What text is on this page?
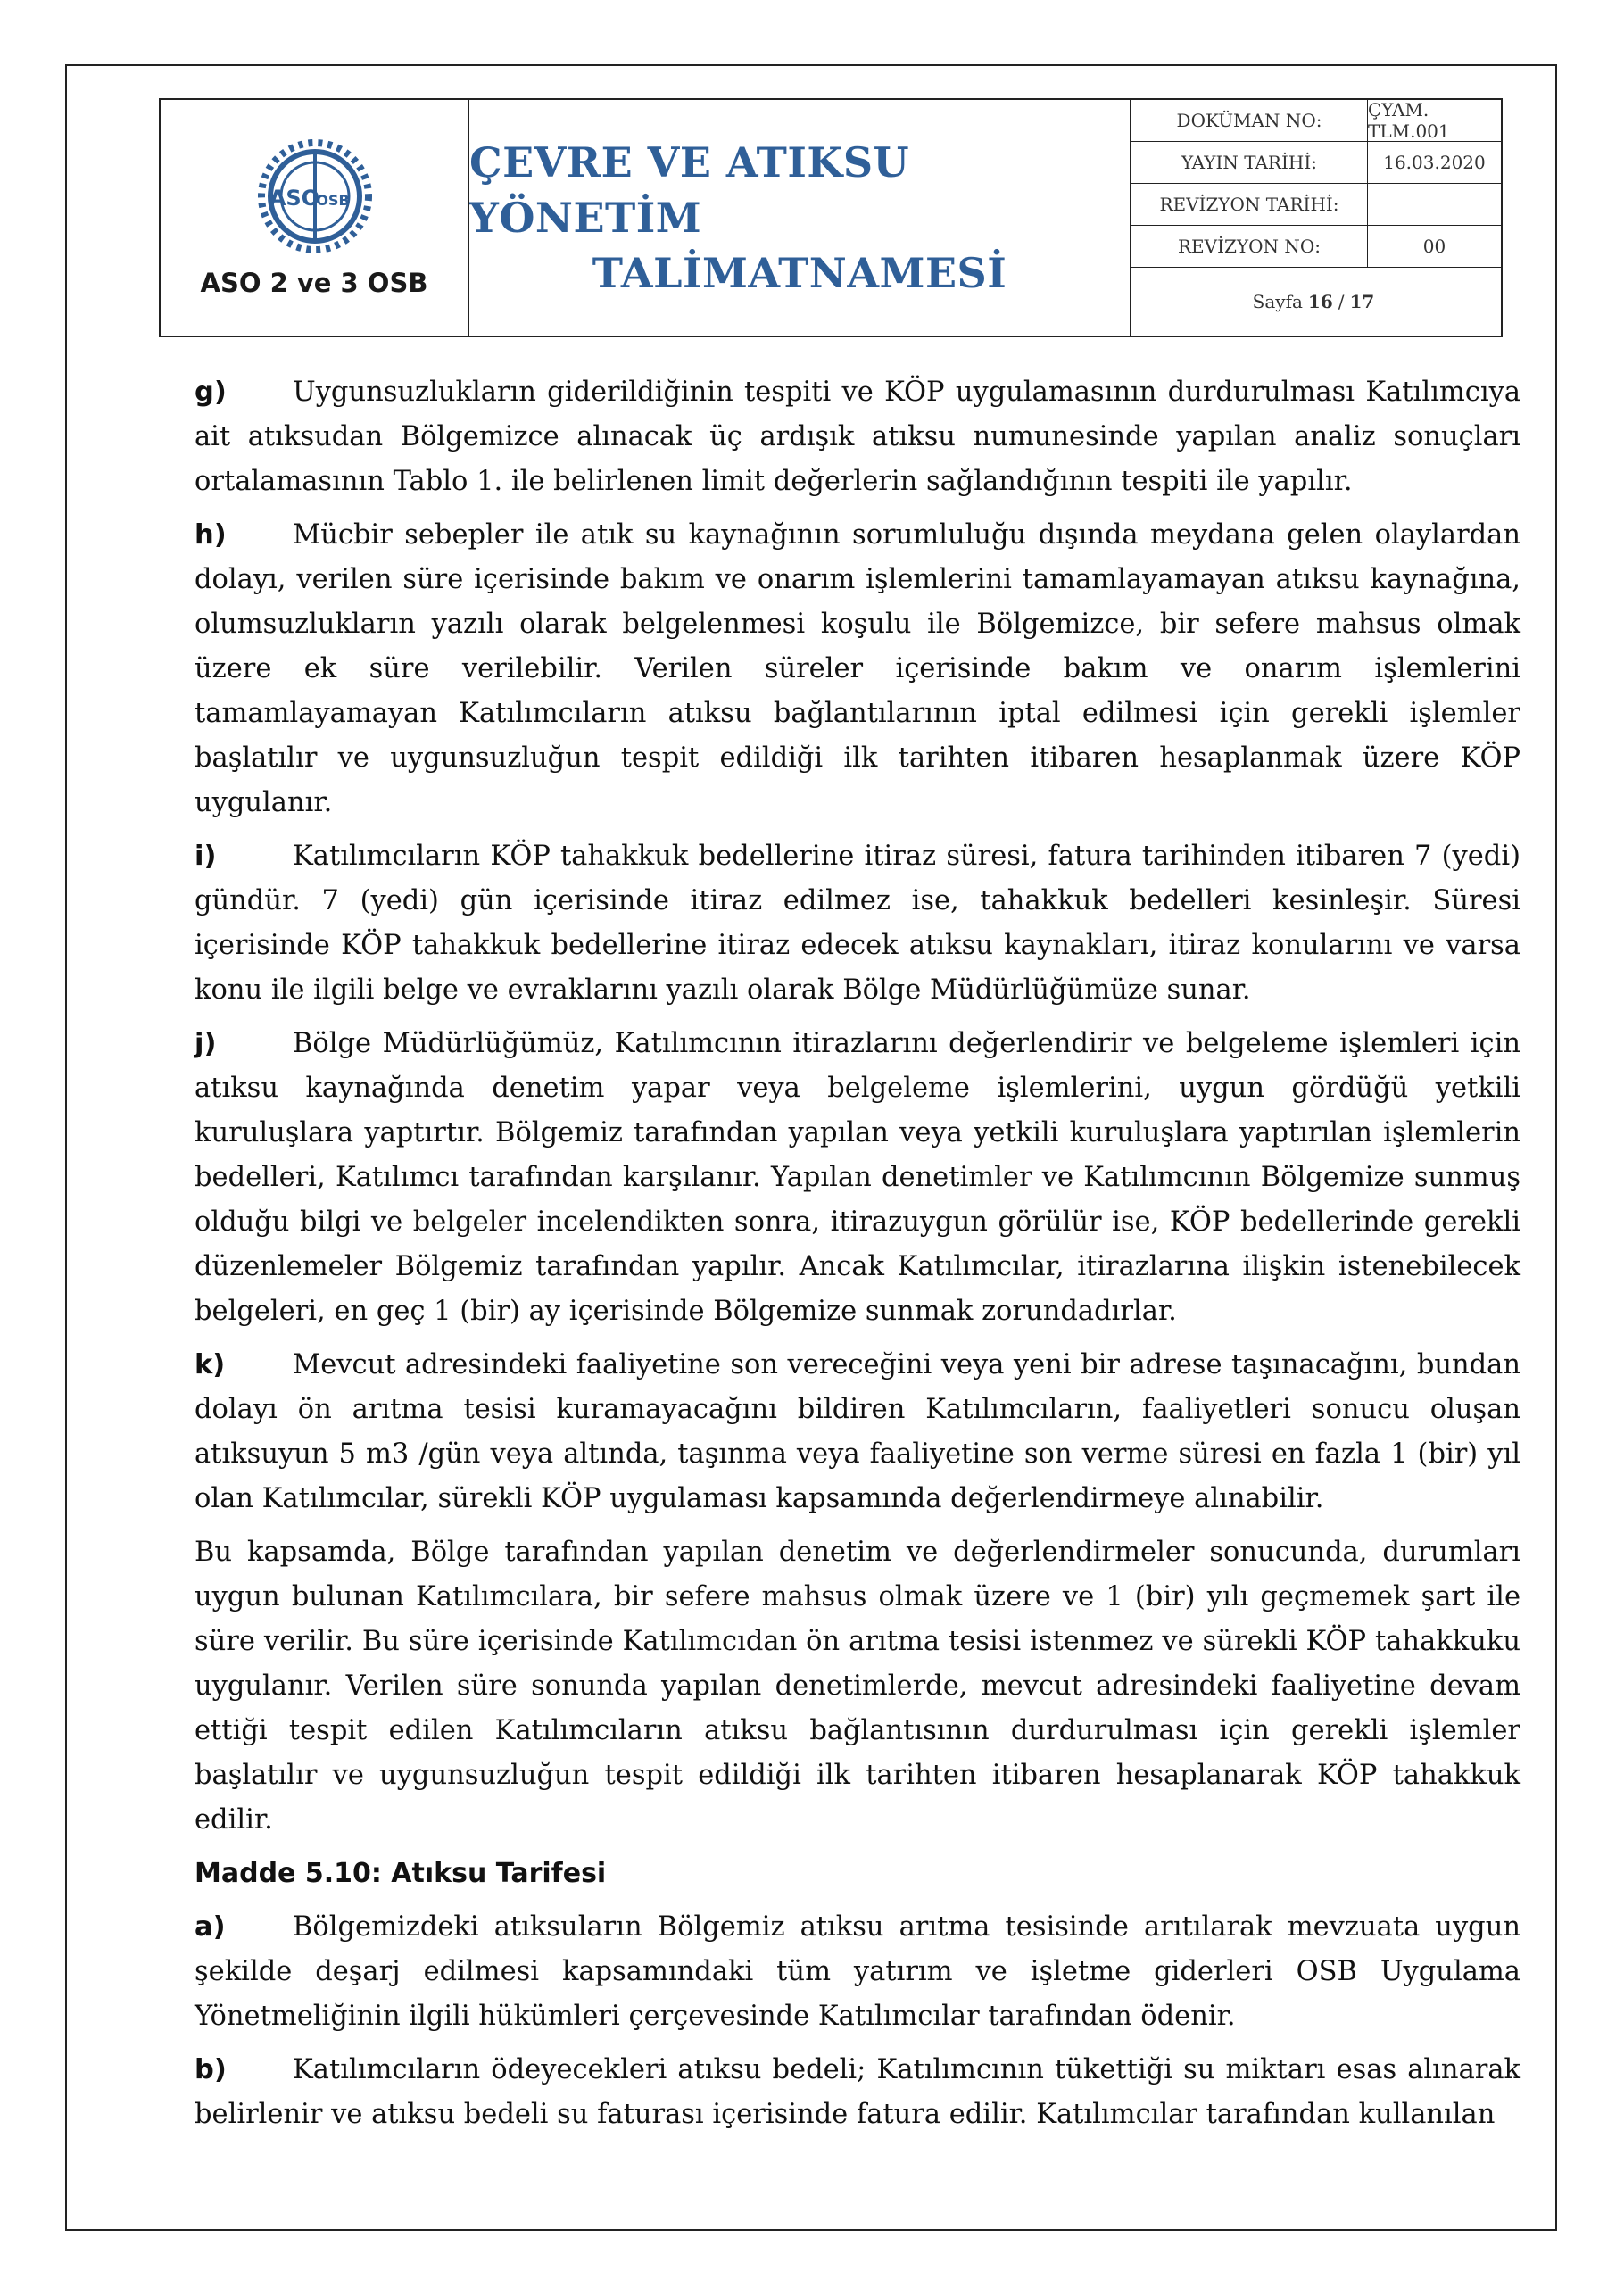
ASO
OSB
ASO 2 ve 3 OSB
ÇEVRE VE ATIKSU YÖNETİM
TALİMATNAMESİ
DOKÜMAN NO:	ÇYAM. TLM.001
YAYIN TARİHİ:	16.03.2020
REVİZYON TARİHİ:
REVİZYON NO:	00
Sayfa 16 / 17

g) Uygunsuzlukların giderildiğinin tespiti ve KÖP uygulamasının durdurulması Katılımcıya ait atıksudan Bölgemizce alınacak üç ardışık atıksu numunesinde yapılan analiz sonuçları ortalamasının Tablo 1. ile belirlenen limit değerlerin sağlandığının tespiti ile yapılır.

h) Mücbir sebepler ile atık su kaynağının sorumluluğu dışında meydana gelen olaylardan dolayı, verilen süre içerisinde bakım ve onarım işlemlerini tamamlayamayan atıksu kaynağına, olumsuzlukların yazılı olarak belgelenmesi koşulu ile Bölgemizce, bir sefere mahsus olmak üzere ek süre verilebilir. Verilen süreler içerisinde bakım ve onarım işlemlerini tamamlayamayan Katılımcıların atıksu bağlantılarının iptal edilmesi için gerekli işlemler başlatılır ve uygunsuzluğun tespit edildiği ilk tarihten itibaren hesaplanmak üzere KÖP uygulanır.

i)	Katılımcıların KÖP tahakkuk bedellerine itiraz süresi, fatura tarihinden itibaren 7 (yedi) gündür. 7 (yedi) gün içerisinde itiraz edilmez ise, tahakkuk bedelleri kesinleşir. Süresi içerisinde KÖP tahakkuk bedellerine itiraz edecek atıksu kaynakları, itiraz konularını ve varsa konu ile ilgili belge ve evraklarını yazılı olarak Bölge Müdürlüğümüze sunar.

j)	Bölge Müdürlüğümüz, Katılımcının itirazlarını değerlendirir ve belgeleme işlemleri için atıksu kaynağında denetim yapar veya belgeleme işlemlerini, uygun gördüğü yetkili kuruluşlara yaptırtır. Bölgemiz tarafından yapılan veya yetkili kuruluşlara yaptırılan işlemlerin bedelleri, Katılımcı tarafından karşılanır. Yapılan denetimler ve Katılımcının Bölgemize sunmuş olduğu bilgi ve belgeler incelendikten sonra, itirazuygun görülür ise, KÖP bedellerinde gerekli düzenlemeler Bölgemiz tarafından yapılır. Ancak Katılımcılar, itirazlarına ilişkin istenebilecek belgeleri, en geç 1 (bir) ay içerisinde Bölgemize sunmak zorundadırlar.

k) Mevcut adresindeki faaliyetine son vereceğini veya yeni bir adrese taşınacağını, bundan dolayı ön arıtma tesisi kuramayacağını bildiren Katılımcıların, faaliyetleri sonucu oluşan atıksuyun 5 m3 /gün veya altında, taşınma veya faaliyetine son verme süresi en fazla 1 (bir) yıl olan Katılımcılar, sürekli KÖP uygulaması kapsamında değerlendirmeye alınabilir.

Bu kapsamda, Bölge tarafından yapılan denetim ve değerlendirmeler sonucunda, durumları uygun bulunan Katılımcılara, bir sefere mahsus olmak üzere ve 1 (bir) yılı geçmemek şart ile süre verilir. Bu süre içerisinde Katılımcıdan ön arıtma tesisi istenmez ve sürekli KÖP tahakkuku uygulanır. Verilen süre sonunda yapılan denetimlerde, mevcut adresindeki faaliyetine devam ettiği tespit edilen Katılımcıların atıksu bağlantısının durdurulması için gerekli işlemler başlatılır ve uygunsuzluğun tespit edildiği ilk tarihten itibaren hesaplanarak KÖP tahakkuk edilir.

Madde 5.10: Atıksu Tarifesi

a) Bölgemizdeki atıksuların Bölgemiz atıksu arıtma tesisinde arıtılarak mevzuata uygun şekilde deşarj edilmesi kapsamındaki tüm yatırım ve işletme giderleri OSB Uygulama Yönetmeliğinin ilgili hükümleri çerçevesinde Katılımcılar tarafından ödenir.

b) Katılımcıların ödeyecekleri atıksu bedeli; Katılımcının tükettiği su miktarı esas alınarak belirlenir ve atıksu bedeli su faturası içerisinde fatura edilir. Katılımcılar tarafından kullanılan
